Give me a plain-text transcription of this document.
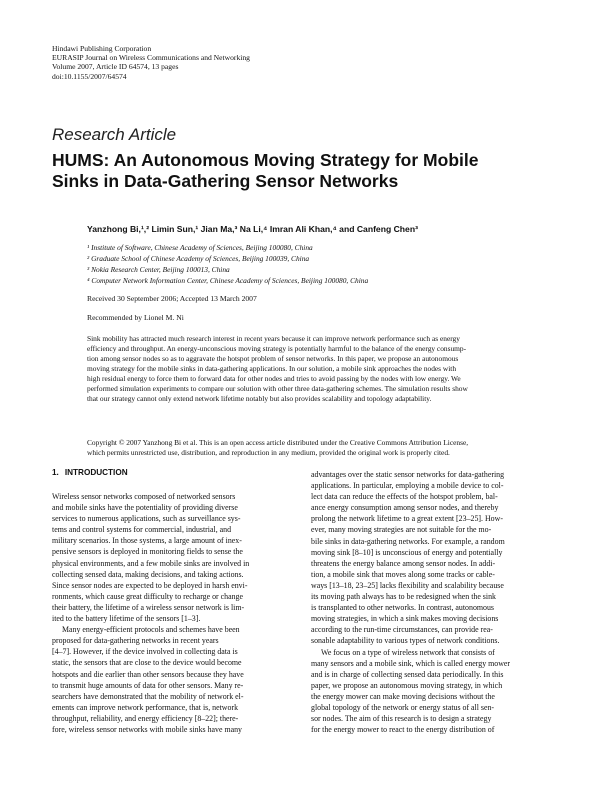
Hindawi Publishing Corporation
EURASIP Journal on Wireless Communications and Networking
Volume 2007, Article ID 64574, 13 pages
doi:10.1155/2007/64574
Research Article
HUMS: An Autonomous Moving Strategy for Mobile
Sinks in Data-Gathering Sensor Networks
Yanzhong Bi,¹,² Limin Sun,¹ Jian Ma,³ Na Li,⁴ Imran Ali Khan,⁴ and Canfeng Chen³
¹ Institute of Software, Chinese Academy of Sciences, Beijing 100080, China
² Graduate School of Chinese Academy of Sciences, Beijing 100039, China
³ Nokia Research Center, Beijing 100013, China
⁴ Computer Network Information Center, Chinese Academy of Sciences, Beijing 100080, China
Received 30 September 2006; Accepted 13 March 2007
Recommended by Lionel M. Ni
Sink mobility has attracted much research interest in recent years because it can improve network performance such as energy
efficiency and throughput. An energy-unconscious moving strategy is potentially harmful to the balance of the energy consump-
tion among sensor nodes so as to aggravate the hotspot problem of sensor networks. In this paper, we propose an autonomous
moving strategy for the mobile sinks in data-gathering applications. In our solution, a mobile sink approaches the nodes with
high residual energy to force them to forward data for other nodes and tries to avoid passing by the nodes with low energy. We
performed simulation experiments to compare our solution with other three data-gathering schemes. The simulation results show
that our strategy cannot only extend network lifetime notably but also provides scalability and topology adaptability.
Copyright © 2007 Yanzhong Bi et al. This is an open access article distributed under the Creative Commons Attribution License,
which permits unrestricted use, distribution, and reproduction in any medium, provided the original work is properly cited.
1. INTRODUCTION
Wireless sensor networks composed of networked sensors
and mobile sinks have the potentiality of providing diverse
services to numerous applications, such as surveillance sys-
tems and control systems for commercial, industrial, and
military scenarios. In those systems, a large amount of inex-
pensive sensors is deployed in monitoring fields to sense the
physical environments, and a few mobile sinks are involved in
collecting sensed data, making decisions, and taking actions.
Since sensor nodes are expected to be deployed in harsh envi-
ronments, which cause great difficulty to recharge or change
their battery, the lifetime of a wireless sensor network is lim-
ited to the battery lifetime of the sensors [1–3].
Many energy-efficient protocols and schemes have been
proposed for data-gathering networks in recent years
[4–7]. However, if the device involved in collecting data is
static, the sensors that are close to the device would become
hotspots and die earlier than other sensors because they have
to transmit huge amounts of data for other sensors. Many re-
searchers have demonstrated that the mobility of network el-
ements can improve network performance, that is, network
throughput, reliability, and energy efficiency [8–22]; there-
fore, wireless sensor networks with mobile sinks have many
advantages over the static sensor networks for data-gathering
applications. In particular, employing a mobile device to col-
lect data can reduce the effects of the hotspot problem, bal-
ance energy consumption among sensor nodes, and thereby
prolong the network lifetime to a great extent [23–25]. How-
ever, many moving strategies are not suitable for the mo-
bile sinks in data-gathering networks. For example, a random
moving sink [8–10] is unconscious of energy and potentially
threatens the energy balance among sensor nodes. In addi-
tion, a mobile sink that moves along some tracks or cable-
ways [13–18, 23–25] lacks flexibility and scalability because
its moving path always has to be redesigned when the sink
is transplanted to other networks. In contrast, autonomous
moving strategies, in which a sink makes moving decisions
according to the run-time circumstances, can provide rea-
sonable adaptability to various types of network conditions.
We focus on a type of wireless network that consists of
many sensors and a mobile sink, which is called energy mower
and is in charge of collecting sensed data periodically. In this
paper, we propose an autonomous moving strategy, in which
the energy mower can make moving decisions without the
global topology of the network or energy status of all sen-
sor nodes. The aim of this research is to design a strategy
for the energy mower to react to the energy distribution of
